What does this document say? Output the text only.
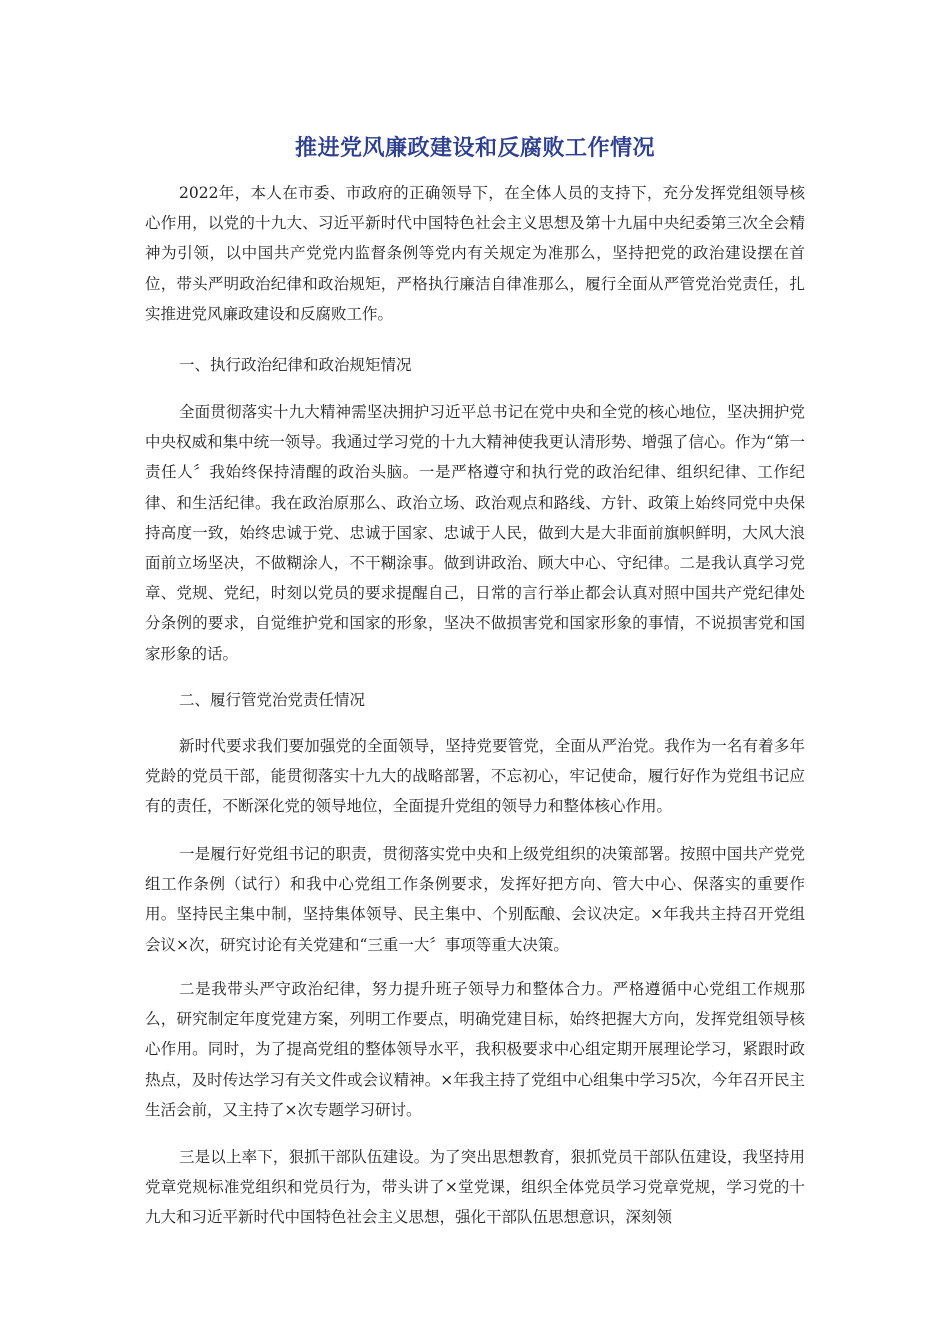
推进党风廉政建设和反腐败工作情况

2022年，本人在市委、市政府的正确领导下，在全体人员的支持下，充分发挥党组领导核心作用，以党的十九大、习近平新时代中国特色社会主义思想及第十九届中央纪委第三次全会精神为引领，以中国共产党党内监督条例等党内有关规定为准那么，坚持把党的政治建设摆在首位，带头严明政治纪律和政治规矩，严格执行廉洁自律准那么，履行全面从严管党治党责任，扎实推进党风廉政建设和反腐败工作。

一、执行政治纪律和政治规矩情况

全面贯彻落实十九大精神需坚决拥护习近平总书记在党中央和全党的核心地位，坚决拥护党中央权威和集中统一领导。我通过学习党的十九大精神使我更认清形势、增强了信心。作为“第一责任人〞我始终保持清醒的政治头脑。一是严格遵守和执行党的政治纪律、组织纪律、工作纪律、和生活纪律。我在政治原那么、政治立场、政治观点和路线、方针、政策上始终同党中央保持高度一致，始终忠诚于党、忠诚于国家、忠诚于人民，做到大是大非面前旗帜鲜明，大风大浪面前立场坚决，不做糊涂人，不干糊涂事。做到讲政治、顾大中心、守纪律。二是我认真学习党章、党规、党纪，时刻以党员的要求提醒自己，日常的言行举止都会认真对照中国共产党纪律处分条例的要求，自觉维护党和国家的形象，坚决不做损害党和国家形象的事情，不说损害党和国家形象的话。

二、履行管党治党责任情况

新时代要求我们要加强党的全面领导，坚持党要管党，全面从严治党。我作为一名有着多年党龄的党员干部，能贯彻落实十九大的战略部署，不忘初心，牢记使命，履行好作为党组书记应有的责任，不断深化党的领导地位，全面提升党组的领导力和整体核心作用。

一是履行好党组书记的职责，贯彻落实党中央和上级党组织的决策部署。按照中国共产党党组工作条例（试行）和我中心党组工作条例要求，发挥好把方向、管大中心、保落实的重要作用。坚持民主集中制，坚持集体领导、民主集中、个别酝酿、会议决定。×年我共主持召开党组会议×次，研究讨论有关党建和“三重一大〞事项等重大决策。

二是我带头严守政治纪律，努力提升班子领导力和整体合力。严格遵循中心党组工作规那么，研究制定年度党建方案，列明工作要点，明确党建目标，始终把握大方向，发挥党组领导核心作用。同时，为了提高党组的整体领导水平，我积极要求中心组定期开展理论学习，紧跟时政热点，及时传达学习有关文件或会议精神。×年我主持了党组中心组集中学习5次，今年召开民主生活会前，又主持了×次专题学习研讨。

三是以上率下，狠抓干部队伍建设。为了突出思想教育，狠抓党员干部队伍建设，我坚持用党章党规标准党组织和党员行为，带头讲了×堂党课，组织全体党员学习党章党规，学习党的十九大和习近平新时代中国特色社会主义思想，强化干部队伍思想意识，深刻领
